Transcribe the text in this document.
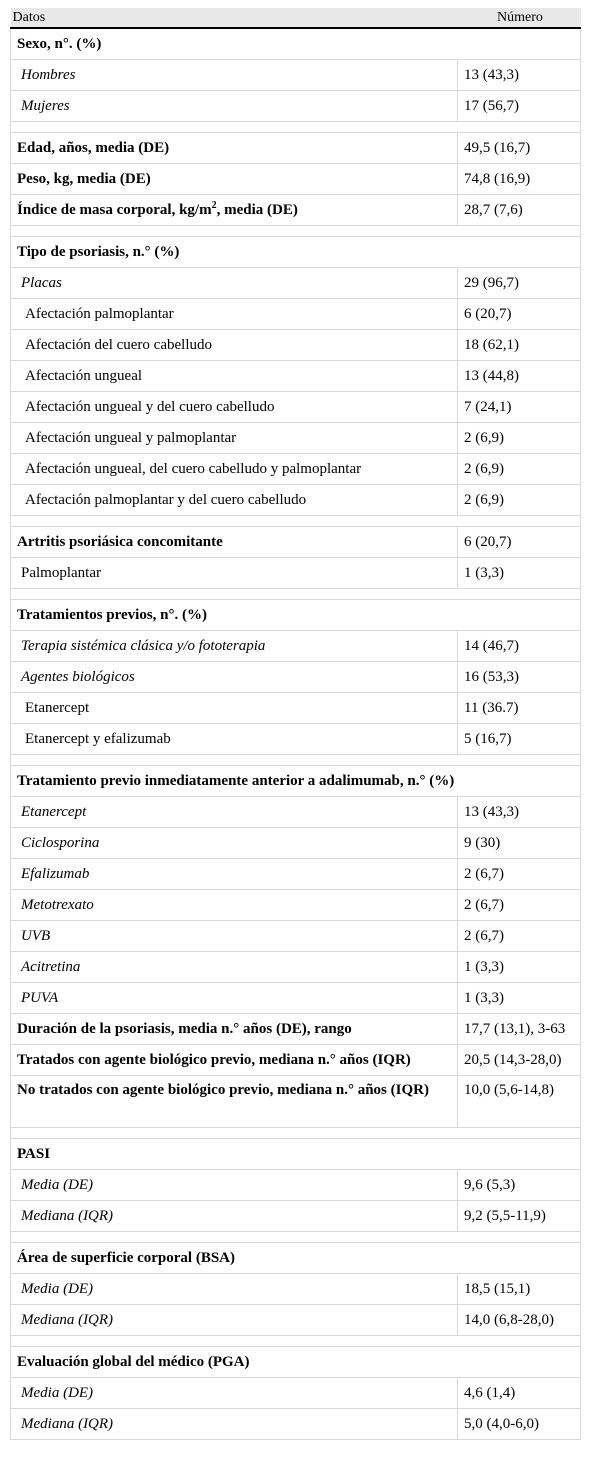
Datos	Número
Sexo, n°. (%)	
Hombres	13 (43,3)
Mujeres	17 (56,7)

Edad, años, media (DE)	49,5 (16,7)
Peso, kg, media (DE)	74,8 (16,9)
Índice de masa corporal, $kg/m^2$, media (DE)	28,7 (7,6)

Tipo de psoriasis, n.° (%)	
Placas	29 (96,7)
Afectación palmoplantar	6 (20,7)
Afectación del cuero cabelludo	18 (62,1)
Afectación ungueal	13 (44,8)
Afectación ungueal y del cuero cabelludo	7 (24,1)
Afectación ungueal y palmoplantar	2 (6,9)
Afectación ungueal, del cuero cabelludo y palmoplantar	2 (6,9)
Afectación palmoplantar y del cuero cabelludo	2 (6,9)

Artritis psoriásica concomitante	6 (20,7)
Palmoplantar	1 (3,3)

Tratamientos previos, n°. (%)	
Terapia sistémica clásica y/o fototerapia	14 (46,7)
Agentes biológicos	16 (53,3)
Etanercept	11 (36.7)
Etanercept y efalizumab	5 (16,7)

Tratamiento previo inmediatamente anterior a adalimumab, n.° (%)	
Etanercept	13 (43,3)
Ciclosporina	9 (30)
Efalizumab	2 (6,7)
Metotrexato	2 (6,7)
UVB	2 (6,7)
Acitretina	1 (3,3)
PUVA	1 (3,3)
Duración de la psoriasis, media n.° años (DE), rango	17,7 (13,1), 3-63
Tratados con agente biológico previo, mediana n.° años (IQR)	20,5 (14,3-28,0)
No tratados con agente biológico previo, mediana n.° años (IQR)	10,0 (5,6-14,8)

PASI	
Media (DE)	9,6 (5,3)
Mediana (IQR)	9,2 (5,5-11,9)

Área de superficie corporal (BSA)	
Media (DE)	18,5 (15,1)
Mediana (IQR)	14,0 (6,8-28,0)

Evaluación global del médico (PGA)	
Media (DE)	4,6 (1,4)
Mediana (IQR)	5,0 (4,0-6,0)
